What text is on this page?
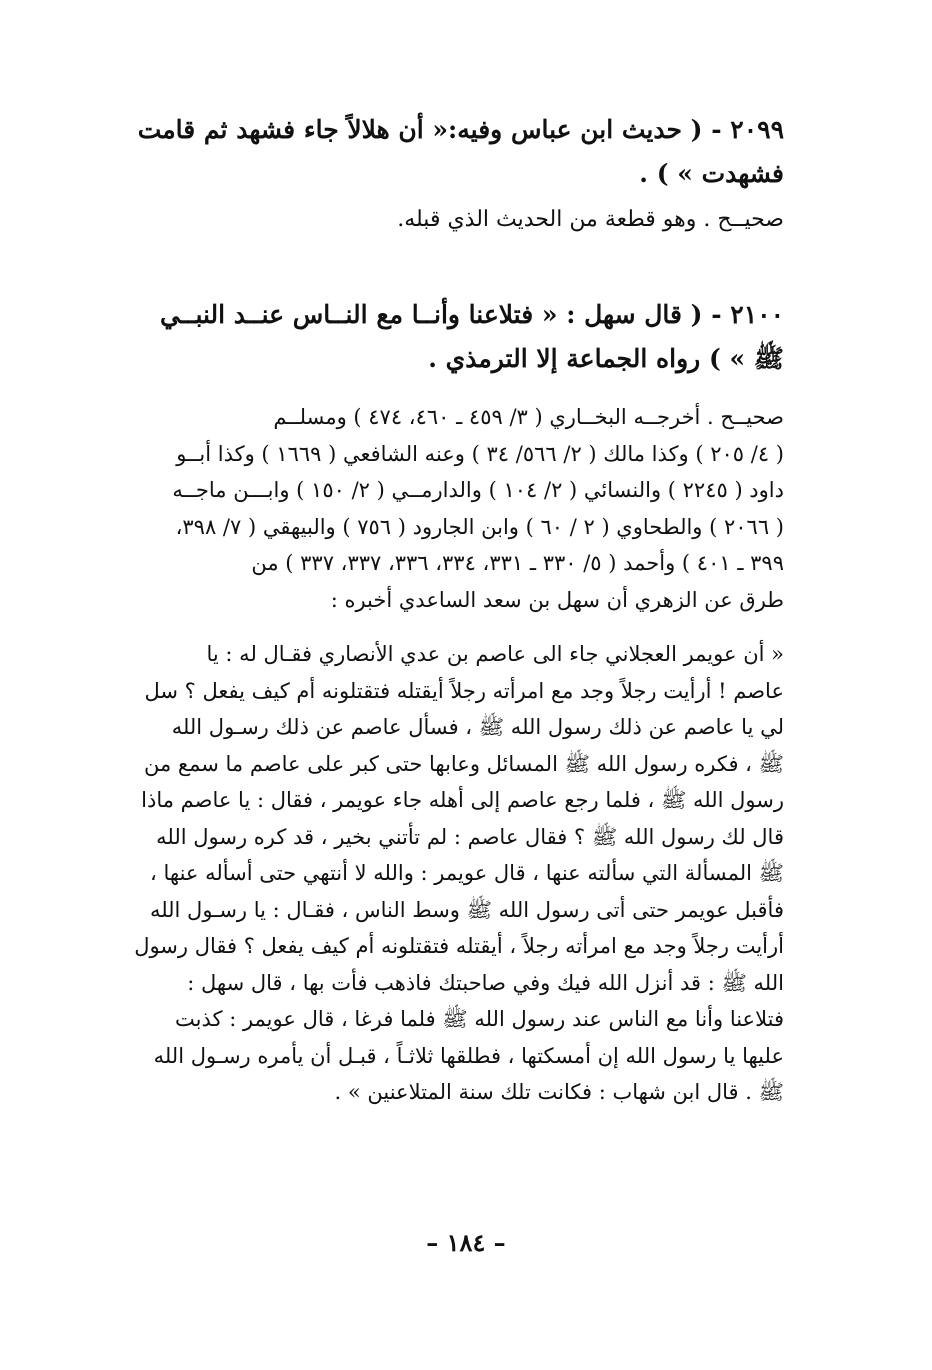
٢٠٩٩ - ( حديث ابن عباس وفيه:« أن هلالاً جاء فشهد ثم قامت
فشهدت » ) .
صحيــح . وهو قطعة من الحديث الذي قبله.
٢١٠٠ - ( قال سهل : « فتلاعنا وأنــا مع النــاس عنــد النبــي
ﷺ » ) رواه الجماعة إلا الترمذي .
صحيــح . أخرجــه البخــاري ( ٣/ ٤٥٩ ـ ٤٦٠، ٤٧٤ ) ومسلــم
( ٤/ ٢٠٥ ) وكذا مالك ( ٢/ ٥٦٦/ ٣٤ ) وعنه الشافعي ( ١٦٦٩ ) وكذا أبــو
داود ( ٢٢٤٥ ) والنسائي ( ٢/ ١٠٤ ) والدارمــي ( ٢/ ١٥٠ ) وابـــن ماجــه
( ٢٠٦٦ ) والطحاوي ( ٢ / ٦٠ ) وابن الجارود ( ٧٥٦ ) والبيهقي ( ٧/ ٣٩٨،
٣٩٩ ـ ٤٠١ ) وأحمد ( ٥/ ٣٣٠ ـ ٣٣١، ٣٣٤، ٣٣٦، ٣٣٧، ٣٣٧ ) من
طرق عن الزهري أن سهل بن سعد الساعدي أخبره :
« أن عويمر العجلاني جاء الى عاصم بن عدي الأنصاري فقـال له : يا
عاصم ! أرأيت رجلاً وجد مع امرأته رجلاً أيقتله فتقتلونه أم كيف يفعل ؟ سل
لي يا عاصم عن ذلك رسول الله ﷺ ، فسأل عاصم عن ذلك رسـول الله
ﷺ ، فكره رسول الله ﷺ المسائل وعابها حتى كبر على عاصم ما سمع من
رسول الله ﷺ ، فلما رجع عاصم إلى أهله جاء عويمر ، فقال : يا عاصم ماذا
قال لك رسول الله ﷺ ؟ فقال عاصم : لم تأتني بخير ، قد كره رسول الله
ﷺ المسألة التي سألته عنها ، قال عويمر : والله لا أنتهي حتى أسأله عنها ،
فأقبل عويمر حتى أتى رسول الله ﷺ وسط الناس ، فقـال : يا رسـول الله
أرأيت رجلاً وجد مع امرأته رجلاً ، أيقتله فتقتلونه أم كيف يفعل ؟ فقال رسول
الله ﷺ : قد أنزل الله فيك وفي صاحبتك فاذهب فأت بها ، قال سهل :
فتلاعنا وأنا مع الناس عند رسول الله ﷺ فلما فرغا ، قال عويمر : كذبت
عليها يا رسول الله إن أمسكتها ، فطلقها ثلاثـاً ، قبـل أن يأمره رسـول الله
ﷺ . قال ابن شهاب : فكانت تلك سنة المتلاعنين » .
– ١٨٤ –
